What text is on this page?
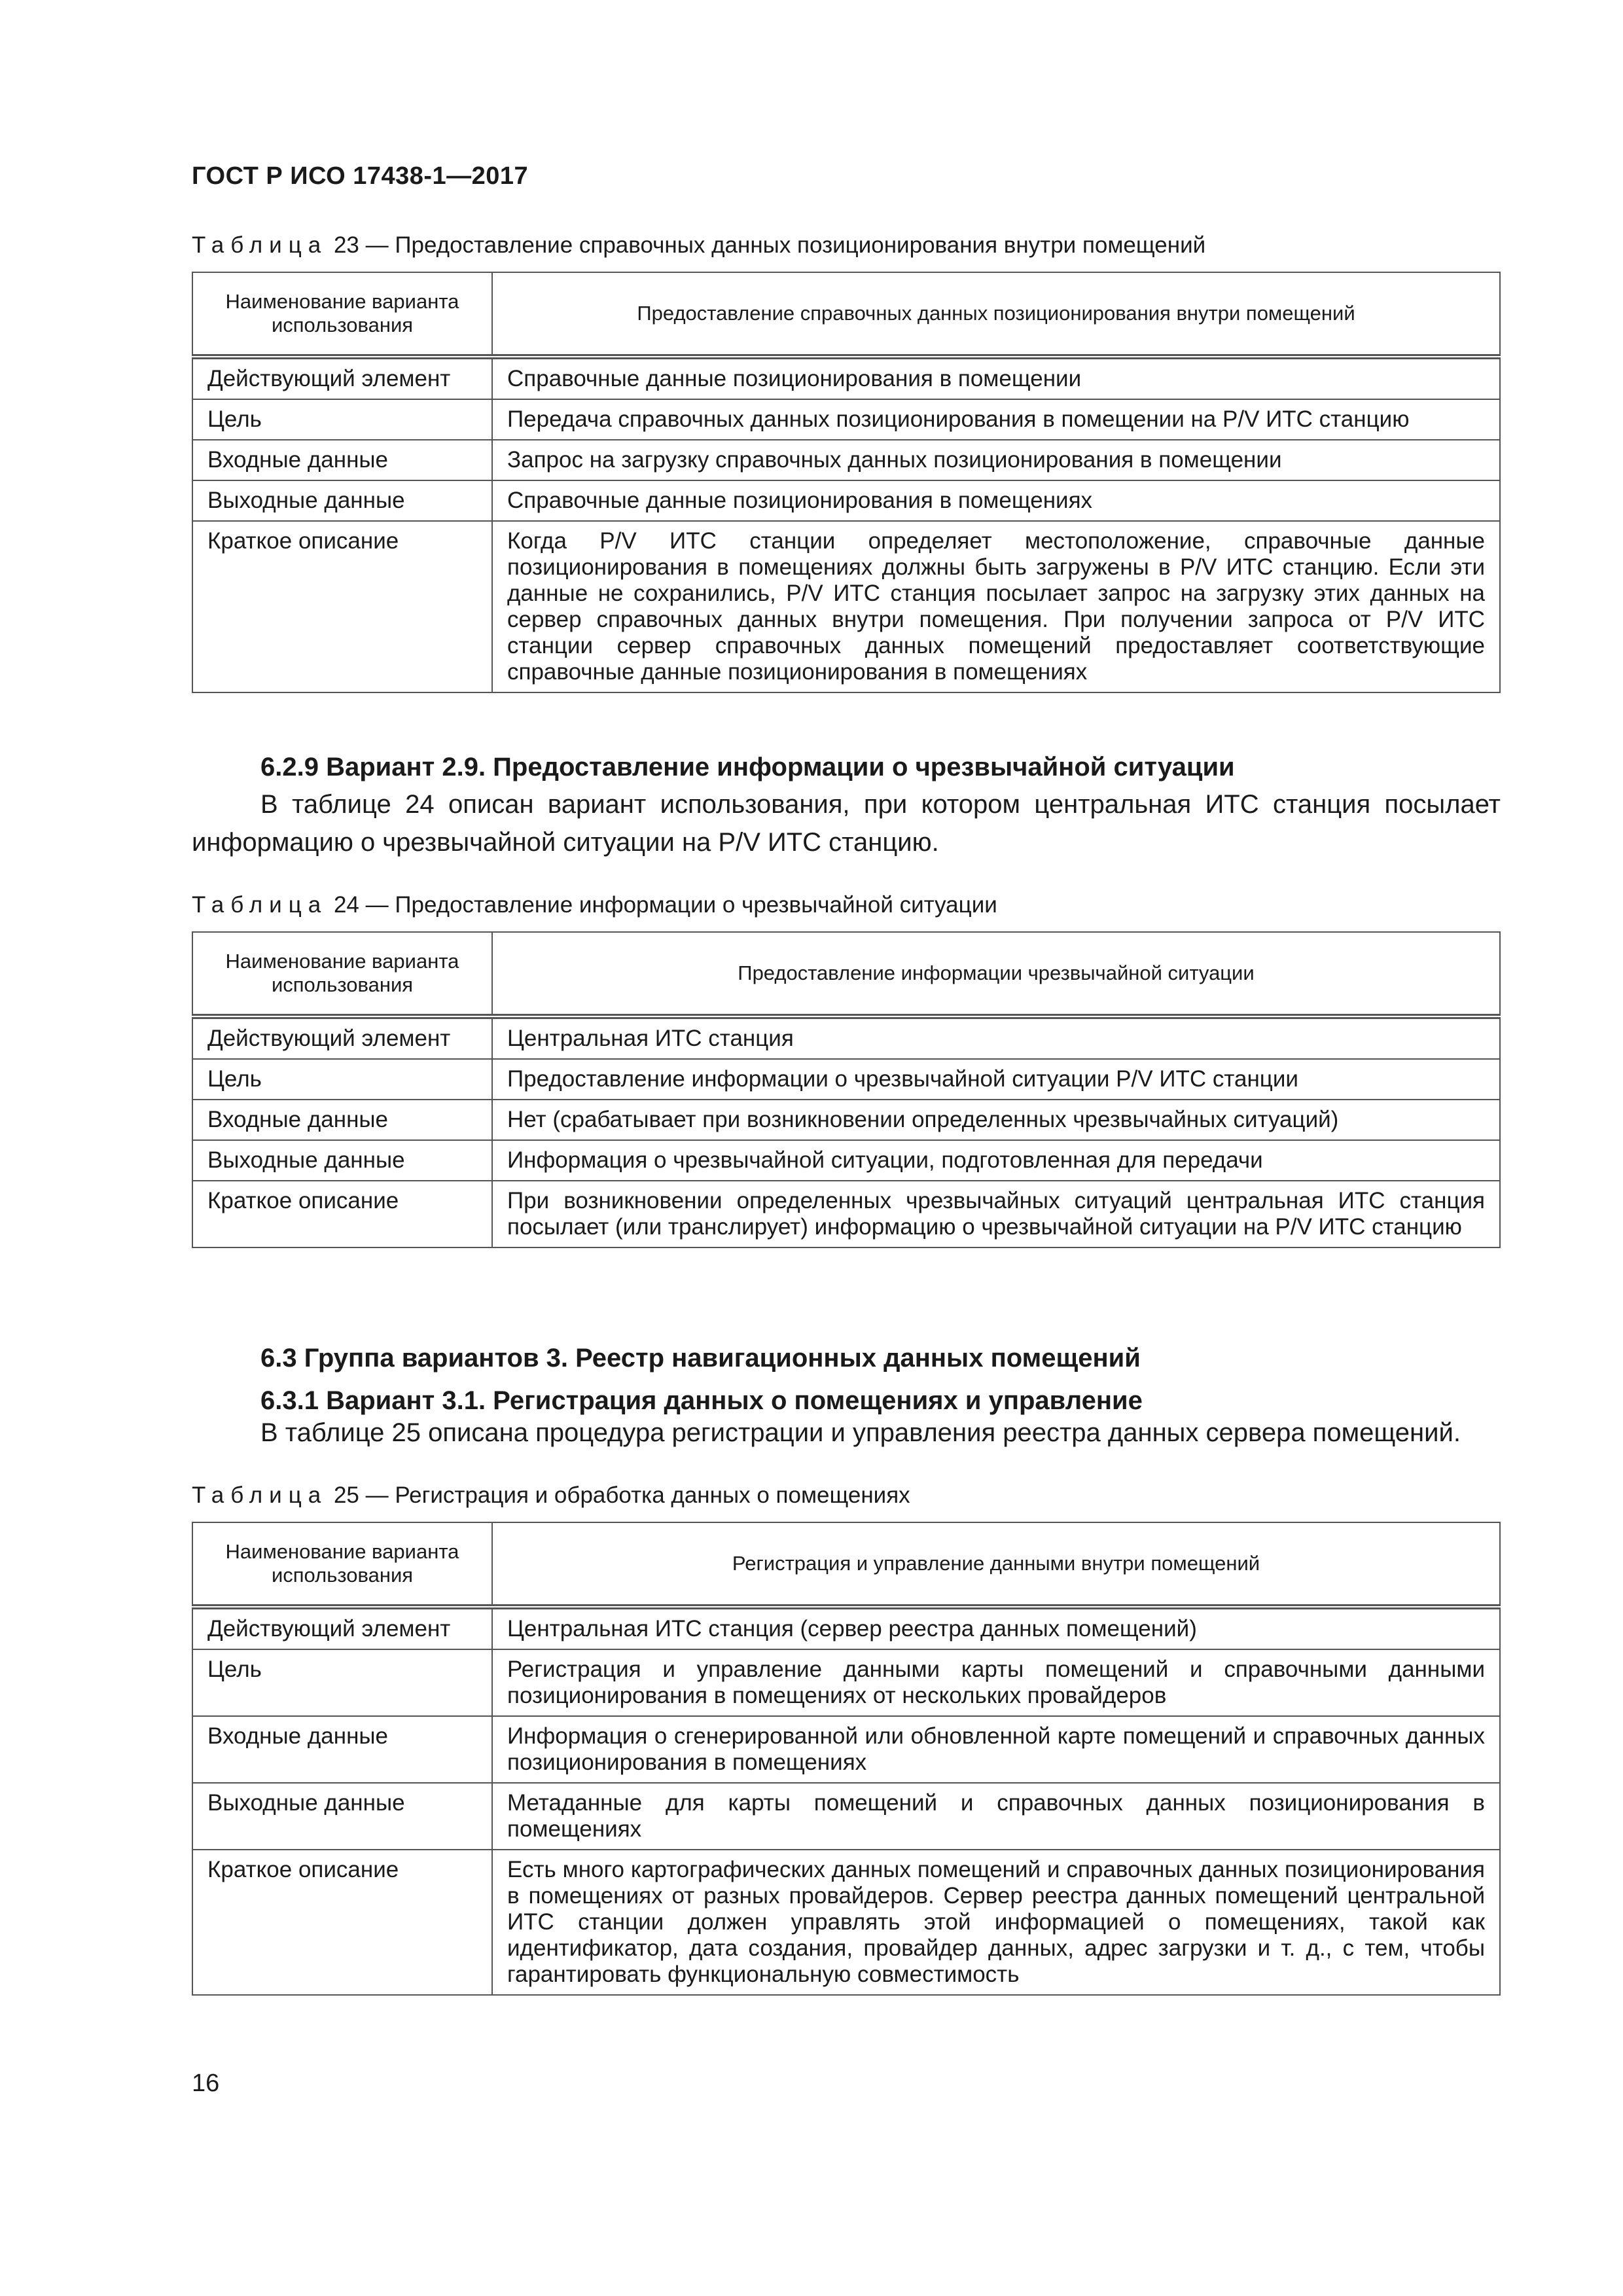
ГОСТ Р ИСО 17438-1—2017
Таблица 23 — Предоставление справочных данных позиционирования внутри помещений
Наименование варианта использования	Предоставление справочных данных позиционирования внутри помещений
Действующий элемент	Справочные данные позиционирования в помещении
Цель	Передача справочных данных позиционирования в помещении на P/V ИТС станцию
Входные данные	Запрос на загрузку справочных данных позиционирования в помещении
Выходные данные	Справочные данные позиционирования в помещениях
Краткое описание	Когда P/V ИТС станции определяет местоположение, справочные данные позиционирования в помещениях должны быть загружены в P/V ИТС станцию. Если эти данные не сохранились, P/V ИТС станция посылает запрос на загрузку этих данных на сервер справочных данных внутри помещения. При получении запроса от P/V ИТС станции сервер справочных данных помещений предоставляет соответствующие справочные данные позиционирования в помещениях
6.2.9 Вариант 2.9. Предоставление информации о чрезвычайной ситуации
В таблице 24 описан вариант использования, при котором центральная ИТС станция посылает информацию о чрезвычайной ситуации на P/V ИТС станцию.
Таблица 24 — Предоставление информации о чрезвычайной ситуации
Наименование варианта использования	Предоставление информации чрезвычайной ситуации
Действующий элемент	Центральная ИТС станция
Цель	Предоставление информации о чрезвычайной ситуации P/V ИТС станции
Входные данные	Нет (срабатывает при возникновении определенных чрезвычайных ситуаций)
Выходные данные	Информация о чрезвычайной ситуации, подготовленная для передачи
Краткое описание	При возникновении определенных чрезвычайных ситуаций центральная ИТС станция посылает (или транслирует) информацию о чрезвычайной ситуации на P/V ИТС станцию
6.3 Группа вариантов 3. Реестр навигационных данных помещений
6.3.1 Вариант 3.1. Регистрация данных о помещениях и управление
В таблице 25 описана процедура регистрации и управления реестра данных сервера помещений.
Таблица 25 — Регистрация и обработка данных о помещениях
Наименование варианта использования	Регистрация и управление данными внутри помещений
Действующий элемент	Центральная ИТС станция (сервер реестра данных помещений)
Цель	Регистрация и управление данными карты помещений и справочными данными позиционирования в помещениях от нескольких провайдеров
Входные данные	Информация о сгенерированной или обновленной карте помещений и справочных данных позиционирования в помещениях
Выходные данные	Метаданные для карты помещений и справочных данных позиционирования в помещениях
Краткое описание	Есть много картографических данных помещений и справочных данных позиционирования в помещениях от разных провайдеров. Сервер реестра данных помещений центральной ИТС станции должен управлять этой информацией о помещениях, такой как идентификатор, дата создания, провайдер данных, адрес загрузки и т. д., с тем, чтобы гарантировать функциональную совместимость
16
